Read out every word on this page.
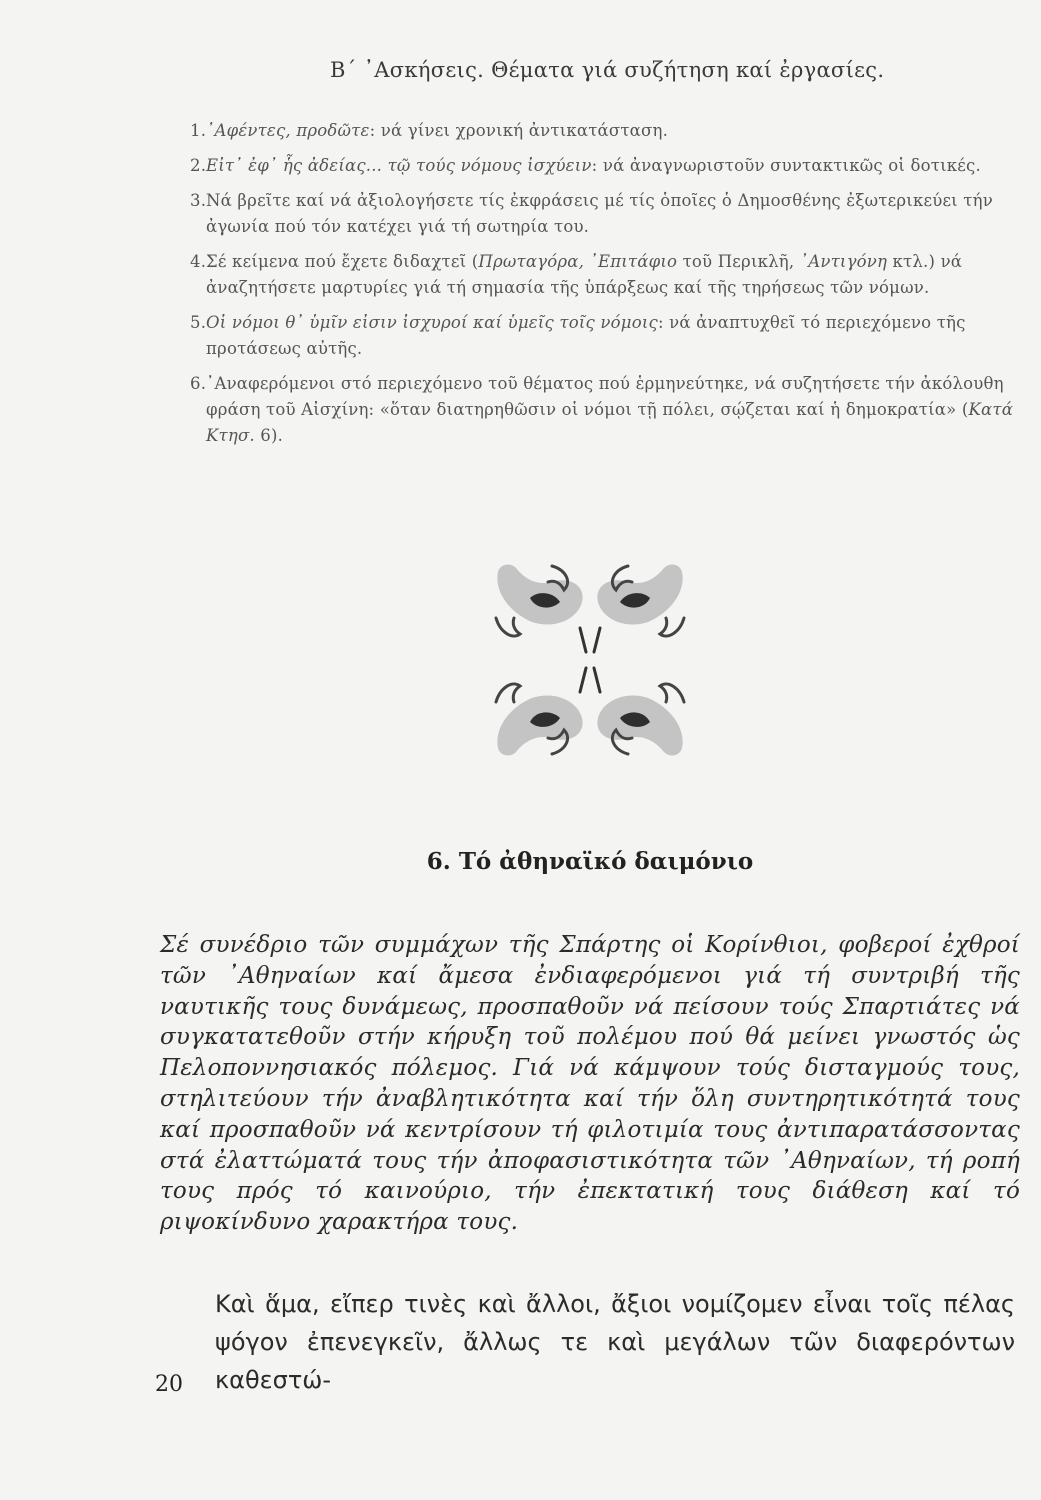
Β΄ ᾿Ασκήσεις. Θέματα γιά συζήτηση καί ἐργασίες.
1. ᾿Αφέντες, προδῶτε: νά γίνει χρονική ἀντικατάσταση.
2. Εἰτ᾿ ἐφ᾿ ἧς ἀδείας... τῷ τούς νόμους ἰσχύειν: νά ἀναγνωριστοῦν συντακτικῶς οἱ δοτικές.
3. Νά βρεῖτε καί νά ἀξιολογήσετε τίς ἐκφράσεις μέ τίς ὁποῖες ὁ Δημοσθένης ἐξωτερικεύει τήν ἀγωνία πού τόν κατέχει γιά τή σωτηρία του.
4. Σέ κείμενα πού ἔχετε διδαχτεῖ (Πρωταγόρα, ᾿Επιτάφιο τοῦ Περικλῆ, ᾿Αντιγόνη κτλ.) νά ἀναζητήσετε μαρτυρίες γιά τή σημασία τῆς ὑπάρξεως καί τῆς τηρήσεως τῶν νόμων.
5. Οἱ νόμοι θ᾿ ὑμῖν εἰσιν ἰσχυροί καί ὑμεῖς τοῖς νόμοις: νά ἀναπτυχθεῖ τό περιεχόμενο τῆς προτάσεως αὐτῆς.
6. ᾿Αναφερόμενοι στό περιεχόμενο τοῦ θέματος πού ἑρμηνεύτηκε, νά συζητήσετε τήν ἀκόλουθη φράση τοῦ Αἰσχίνη: «ὅταν διατηρηθῶσιν οἱ νόμοι τῇ πόλει, σῴζεται καί ἡ δημοκρατία» (Κατά Κτησ. 6).
6. Τό ἀθηναϊκό δαιμόνιο
Σέ συνέδριο τῶν συμμάχων τῆς Σπάρτης οἱ Κορίνθιοι, φοβεροί ἐχθροί τῶν ᾿Αθηναίων καί ἄμεσα ἐνδιαφερόμενοι γιά τή συντριβή τῆς ναυτικῆς τους δυνάμεως, προσπαθοῦν νά πείσουν τούς Σπαρτιάτες νά συγκατατεθοῦν στήν κήρυξη τοῦ πολέμου πού θά μείνει γνωστός ὡς Πελοποννησιακός πόλεμος. Γιά νά κάμψουν τούς δισταγμούς τους, στηλιτεύουν τήν ἀναβλητικότητα καί τήν ὅλη συντηρητικότητά τους καί προσπαθοῦν νά κεντρίσουν τή φιλοτιμία τους ἀντιπαρατάσσοντας στά ἐλαττώματά τους τήν ἀποφασιστικότητα τῶν ᾿Αθηναίων, τή ροπή τους πρός τό καινούριο, τήν ἐπεκτατική τους διάθεση καί τό ριψοκίνδυνο χαρακτήρα τους.
Καὶ ἅμα, εἴπερ τινὲς καὶ ἄλλοι, ἄξιοι νομίζομεν εἶναι τοῖς πέλας ψόγον ἐπενεγκεῖν, ἄλλως τε καὶ μεγάλων τῶν διαφερόντων καθεστώ-
20
